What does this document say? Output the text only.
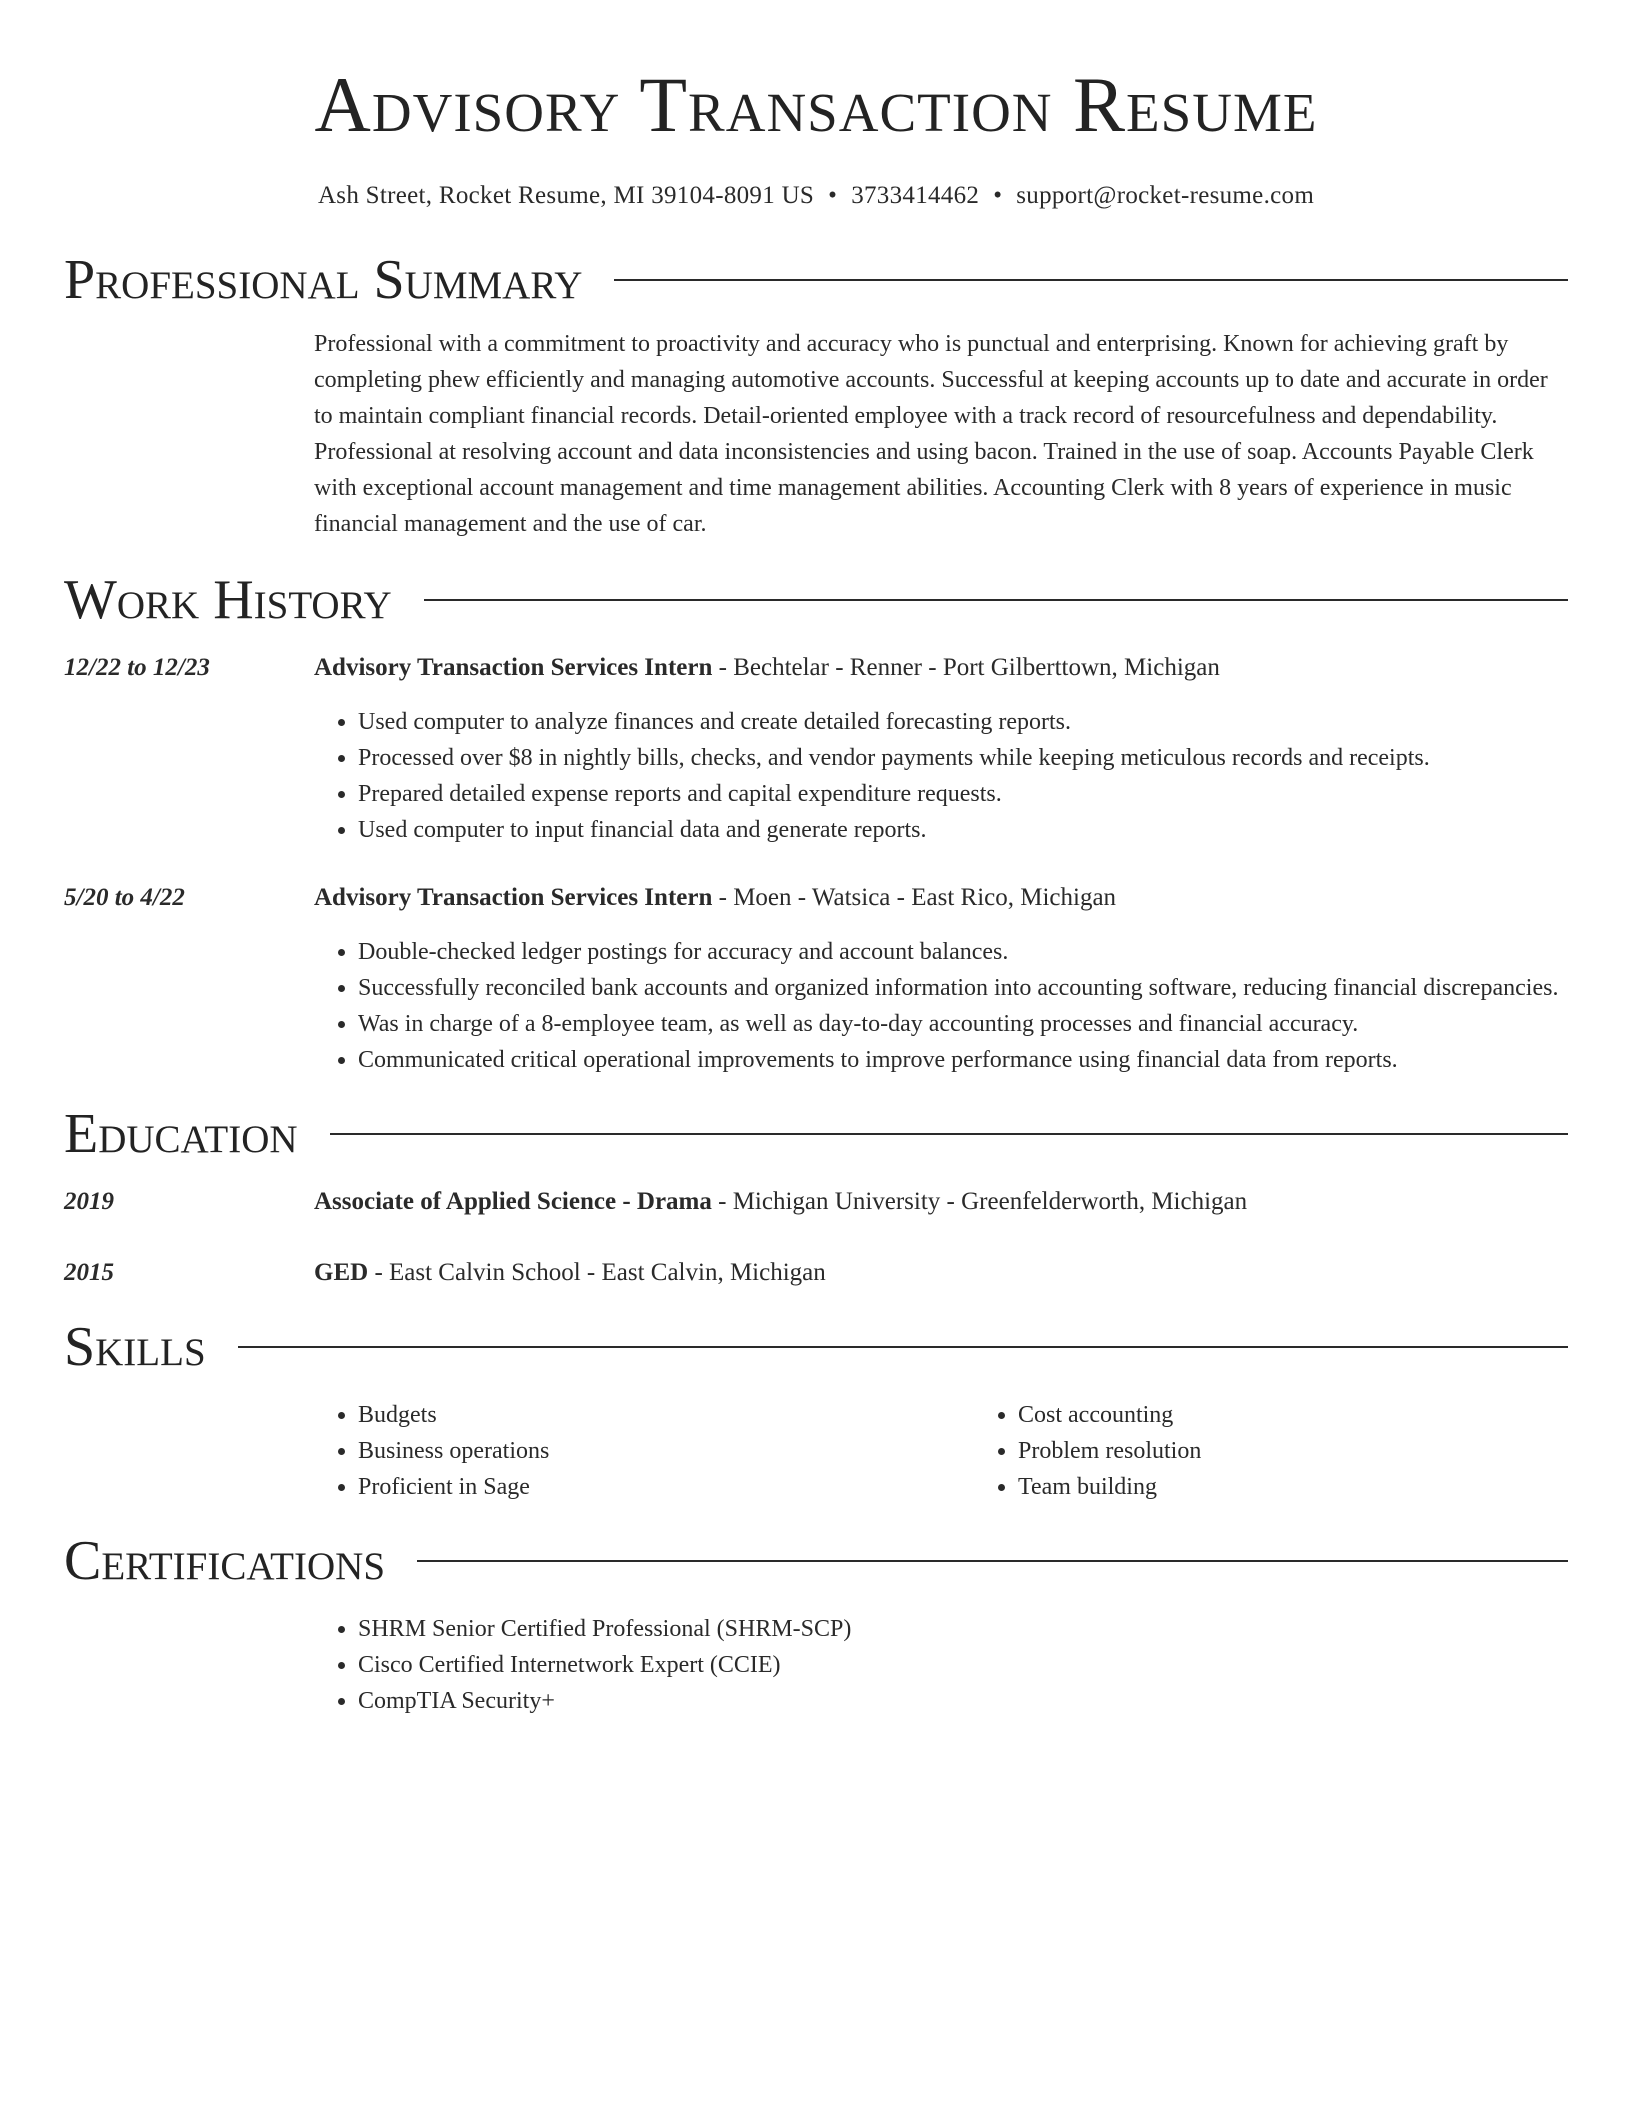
Advisory Transaction Resume
Ash Street, Rocket Resume, MI 39104-8091 US • 3733414462 • support@rocket-resume.com
Professional Summary

Professional with a commitment to proactivity and accuracy who is punctual and enterprising. Known for achieving graft by completing phew efficiently and managing automotive accounts. Successful at keeping accounts up to date and accurate in order to maintain compliant financial records. Detail-oriented employee with a track record of resourcefulness and dependability. Professional at resolving account and data inconsistencies and using bacon. Trained in the use of soap. Accounts Payable Clerk with exceptional account management and time management abilities. Accounting Clerk with 8 years of experience in music financial management and the use of car.

Work History
12/22 to 12/23	Advisory Transaction Services Intern - Bechtelar - Renner - Port Gilberttown, Michigan
• Used computer to analyze finances and create detailed forecasting reports.
• Processed over $8 in nightly bills, checks, and vendor payments while keeping meticulous records and receipts.
• Prepared detailed expense reports and capital expenditure requests.
• Used computer to input financial data and generate reports.
5/20 to 4/22	Advisory Transaction Services Intern - Moen - Watsica - East Rico, Michigan
• Double-checked ledger postings for accuracy and account balances.
• Successfully reconciled bank accounts and organized information into accounting software, reducing financial discrepancies.
• Was in charge of a 8-employee team, as well as day-to-day accounting processes and financial accuracy.
• Communicated critical operational improvements to improve performance using financial data from reports.
Education
2019	Associate of Applied Science - Drama - Michigan University - Greenfelderworth, Michigan
2015	GED - East Calvin School - East Calvin, Michigan
Skills
• Budgets
• Business operations
• Proficient in Sage
• Cost accounting
• Problem resolution
• Team building
Certifications
• SHRM Senior Certified Professional (SHRM-SCP)
• Cisco Certified Internetwork Expert (CCIE)
• CompTIA Security+
